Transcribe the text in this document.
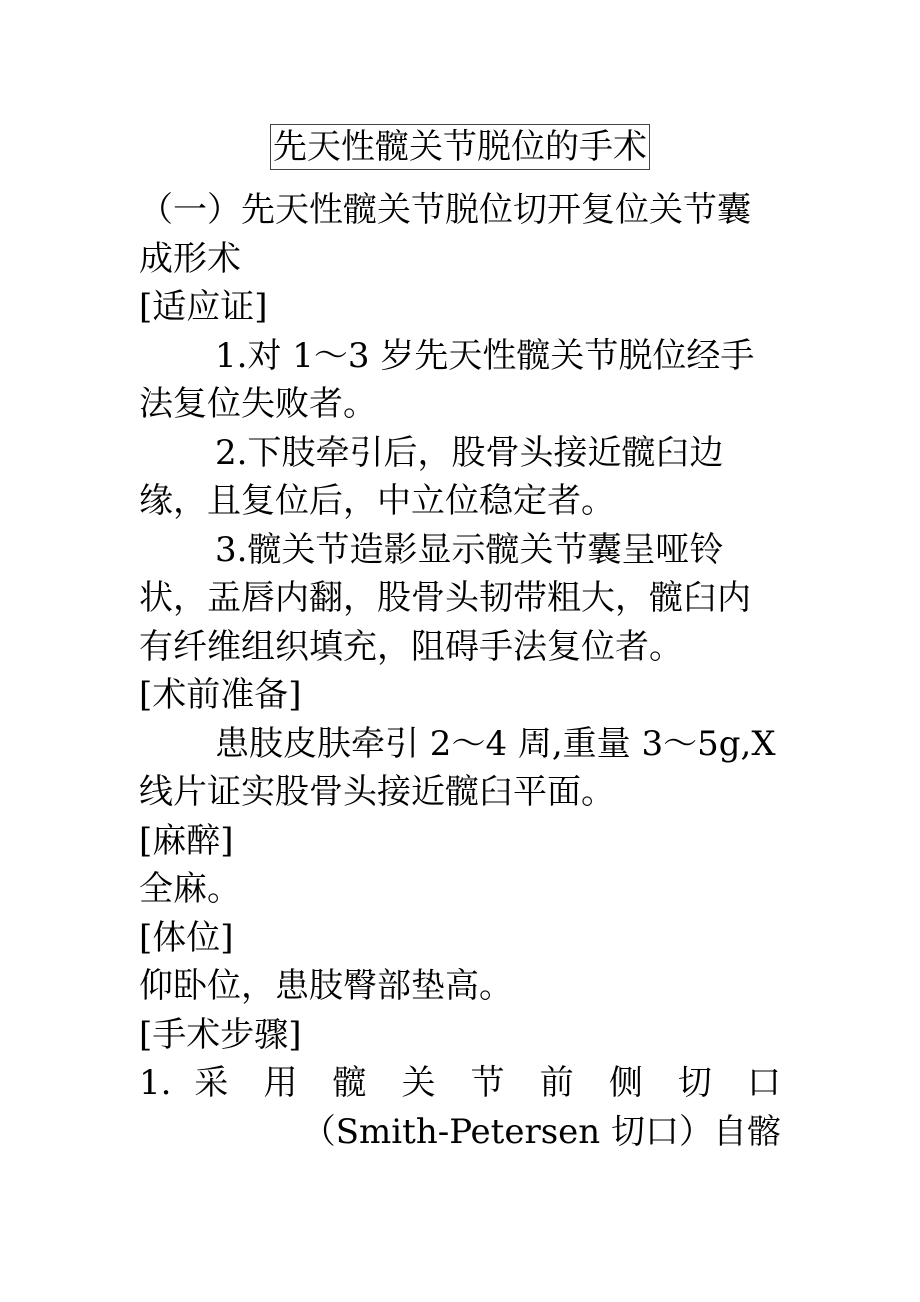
先天性髋关节脱位的手术

（一）先天性髋关节脱位切开复位关节囊成形术

[适应证]

1.对 1～3 岁先天性髋关节脱位经手法复位失败者。

2.下肢牵引后，股骨头接近髋臼边缘，且复位后，中立位稳定者。

3.髋关节造影显示髋关节囊呈哑铃状，盂唇内翻，股骨头韧带粗大，髋臼内有纤维组织填充，阻碍手法复位者。

[术前准备]

患肢皮肤牵引 2～4 周,重量 3～5g,X 线片证实股骨头接近髋臼平面。

[麻醉]

全麻。

[体位]

仰卧位，患肢臀部垫高。

[手术步骤]

1. 采 用 髋 关 节 前 侧 切 口

（Smith-Petersen 切口）自髂
